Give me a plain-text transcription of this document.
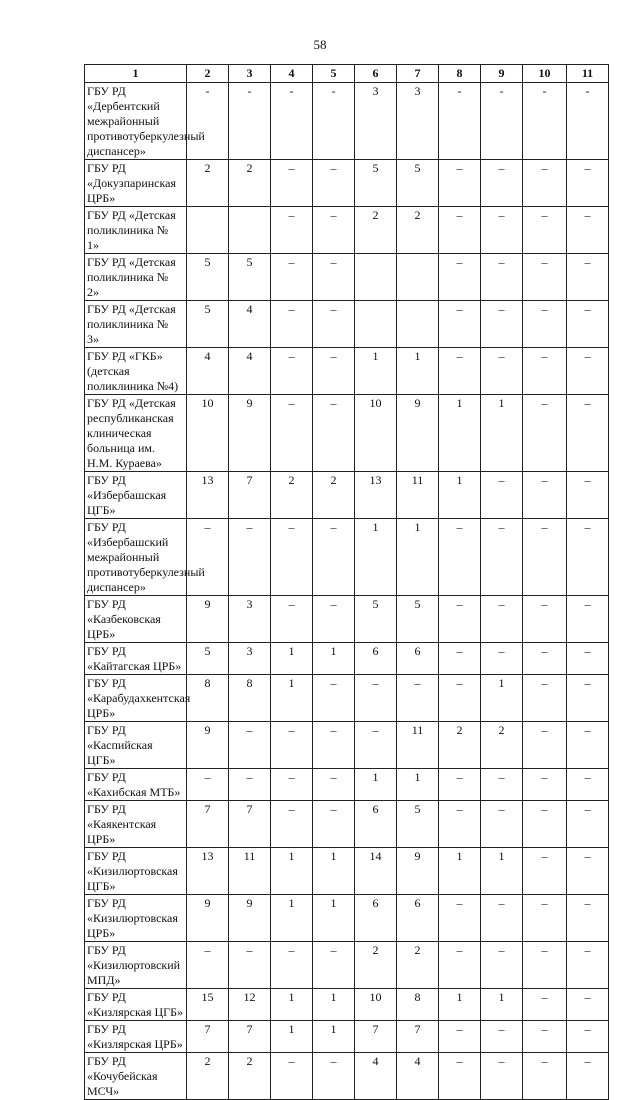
58
1	2	3	4	5	6	7	8	9	10	11
ГБУ РД «Дербентский межрайонный противотуберкулезный диспансер»	-	-	-	-	3	3	-	-	-	-
ГБУ РД «Докузпаринская ЦРБ»	2	2	–	–	5	5	–	–	–	–
ГБУ РД «Детская поликлиника № 1»			–	–	2	2	–	–	–	–
ГБУ РД «Детская поликлиника № 2»	5	5	–	–			–	–	–	–
ГБУ РД «Детская поликлиника № 3»	5	4	–	–			–	–	–	–
ГБУ РД «ГКБ» (детская поликлиника №4)	4	4	–	–	1	1	–	–	–	–
ГБУ РД «Детская республиканская клиническая больница им. Н.М. Кураева»	10	9	–	–	10	9	1	1	–	–
ГБУ РД «Избербашская ЦГБ»	13	7	2	2	13	11	1	–	–	–
ГБУ РД «Избербашский межрайонный противотуберкулезный диспансер»	–	–	–	–	1	1	–	–	–	–
ГБУ РД «Казбековская ЦРБ»	9	3	–	–	5	5	–	–	–	–
ГБУ РД «Кайтагская ЦРБ»	5	3	1	1	6	6	–	–	–	–
ГБУ РД «Карабудахкентская ЦРБ»	8	8	1	–	–	–	–	1	–	–
ГБУ РД «Каспийская ЦГБ»	9	–	–	–	–	11	2	2	–	–
ГБУ РД «Кахибская МТБ»	–	–	–	–	1	1	–	–	–	–
ГБУ РД «Каякентская ЦРБ»	7	7	–	–	6	5	–	–	–	–
ГБУ РД «Кизилюртовская ЦГБ»	13	11	1	1	14	9	1	1	–	–
ГБУ РД «Кизилюртовская ЦРБ»	9	9	1	1	6	6	–	–	–	–
ГБУ РД «Кизилюртовский МПД»	–	–	–	–	2	2	–	–	–	–
ГБУ РД «Кизлярская ЦГБ»	15	12	1	1	10	8	1	1	–	–
ГБУ РД «Кизлярская ЦРБ»	7	7	1	1	7	7	–	–	–	–
ГБУ РД «Кочубейская МСЧ»	2	2	–	–	4	4	–	–	–	–
